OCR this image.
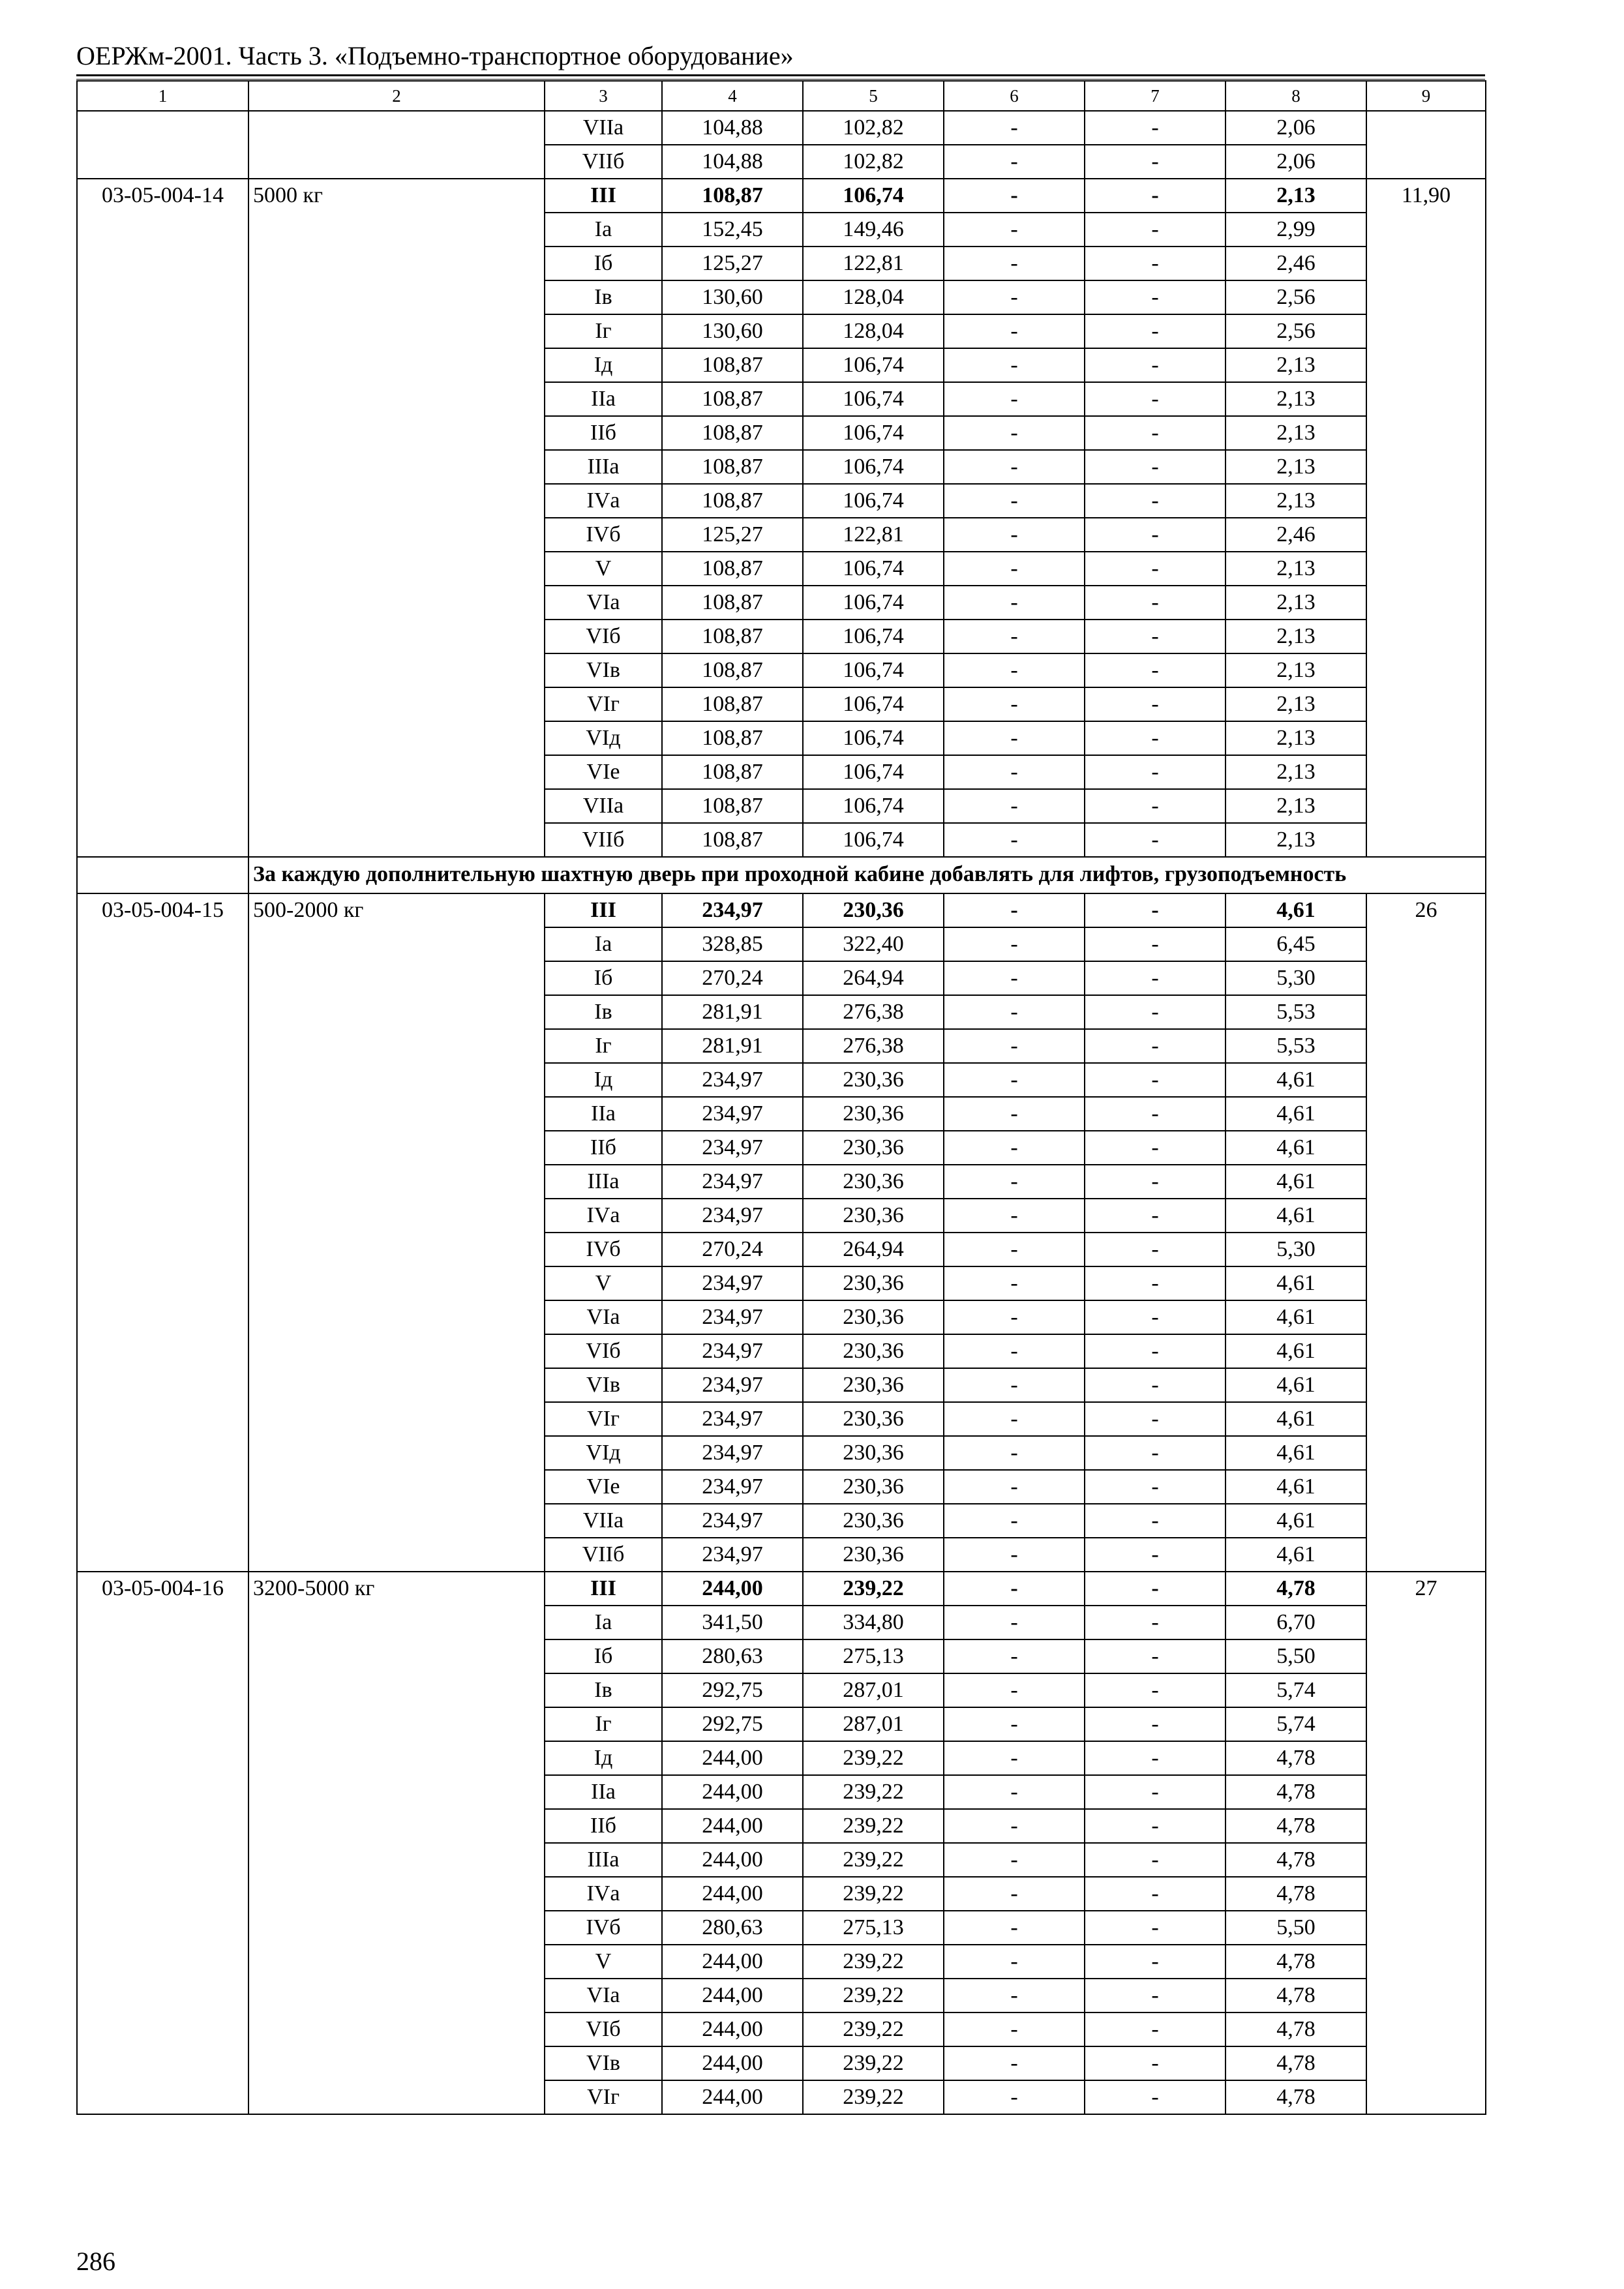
ОЕРЖм-2001. Часть 3. «Подъемно-транспортное оборудование»
1	2	3	4	5	6	7	8	9
		VIIа	104,88	102,82	-	-	2,06	
		VIIб	104,88	102,82	-	-	2,06	
03-05-004-14	5000 кг	III	108,87	106,74	-	-	2,13	11,90
		Iа	152,45	149,46	-	-	2,99	
		Iб	125,27	122,81	-	-	2,46	
		Iв	130,60	128,04	-	-	2,56	
		Iг	130,60	128,04	-	-	2,56	
		Iд	108,87	106,74	-	-	2,13	
		IIа	108,87	106,74	-	-	2,13	
		IIб	108,87	106,74	-	-	2,13	
		IIIа	108,87	106,74	-	-	2,13	
		IVа	108,87	106,74	-	-	2,13	
		IVб	125,27	122,81	-	-	2,46	
		V	108,87	106,74	-	-	2,13	
		VIа	108,87	106,74	-	-	2,13	
		VIб	108,87	106,74	-	-	2,13	
		VIв	108,87	106,74	-	-	2,13	
		VIг	108,87	106,74	-	-	2,13	
		VIд	108,87	106,74	-	-	2,13	
		VIе	108,87	106,74	-	-	2,13	
		VIIа	108,87	106,74	-	-	2,13	
		VIIб	108,87	106,74	-	-	2,13	
	За каждую дополнительную шахтную дверь при проходной кабине добавлять для лифтов, грузоподъемность							
03-05-004-15	500-2000 кг	III	234,97	230,36	-	-	4,61	26
		Iа	328,85	322,40	-	-	6,45	
		Iб	270,24	264,94	-	-	5,30	
		Iв	281,91	276,38	-	-	5,53	
		Iг	281,91	276,38	-	-	5,53	
		Iд	234,97	230,36	-	-	4,61	
		IIа	234,97	230,36	-	-	4,61	
		IIб	234,97	230,36	-	-	4,61	
		IIIа	234,97	230,36	-	-	4,61	
		IVа	234,97	230,36	-	-	4,61	
		IVб	270,24	264,94	-	-	5,30	
		V	234,97	230,36	-	-	4,61	
		VIа	234,97	230,36	-	-	4,61	
		VIб	234,97	230,36	-	-	4,61	
		VIв	234,97	230,36	-	-	4,61	
		VIг	234,97	230,36	-	-	4,61	
		VIд	234,97	230,36	-	-	4,61	
		VIе	234,97	230,36	-	-	4,61	
		VIIа	234,97	230,36	-	-	4,61	
		VIIб	234,97	230,36	-	-	4,61	
03-05-004-16	3200-5000 кг	III	244,00	239,22	-	-	4,78	27
		Iа	341,50	334,80	-	-	6,70	
		Iб	280,63	275,13	-	-	5,50	
		Iв	292,75	287,01	-	-	5,74	
		Iг	292,75	287,01	-	-	5,74	
		Iд	244,00	239,22	-	-	4,78	
		IIа	244,00	239,22	-	-	4,78	
		IIб	244,00	239,22	-	-	4,78	
		IIIа	244,00	239,22	-	-	4,78	
		IVа	244,00	239,22	-	-	4,78	
		IVб	280,63	275,13	-	-	5,50	
		V	244,00	239,22	-	-	4,78	
		VIа	244,00	239,22	-	-	4,78	
		VIб	244,00	239,22	-	-	4,78	
		VIв	244,00	239,22	-	-	4,78	
		VIг	244,00	239,22	-	-	4,78	
286
